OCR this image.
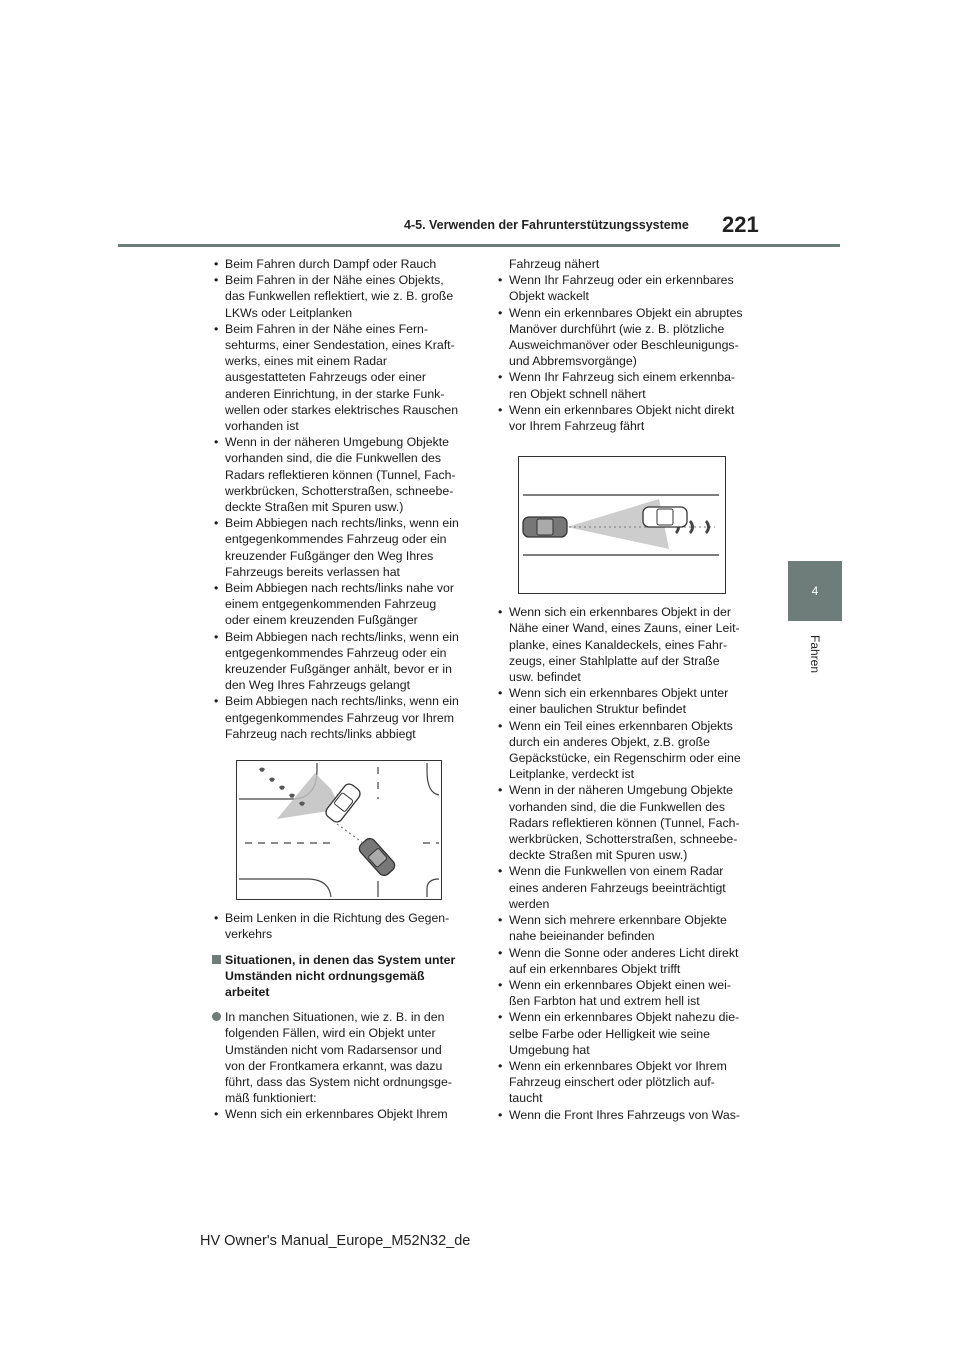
4-5. Verwenden der Fahrunterstützungssysteme 221
4
Fahren
• Beim Fahren durch Dampf oder Rauch
• Beim Fahren in der Nähe eines Objekts,
das Funkwellen reflektiert, wie z. B. große
LKWs oder Leitplanken
• Beim Fahren in der Nähe eines Fern-
sehturms, einer Sendestation, eines Kraft-
werks, eines mit einem Radar
ausgestatteten Fahrzeugs oder einer
anderen Einrichtung, in der starke Funk-
wellen oder starkes elektrisches Rauschen
vorhanden ist
• Wenn in der näheren Umgebung Objekte
vorhanden sind, die die Funkwellen des
Radars reflektieren können (Tunnel, Fach-
werkbrücken, Schotterstraßen, schneebe-
deckte Straßen mit Spuren usw.)
• Beim Abbiegen nach rechts/links, wenn ein
entgegenkommendes Fahrzeug oder ein
kreuzender Fußgänger den Weg Ihres
Fahrzeugs bereits verlassen hat
• Beim Abbiegen nach rechts/links nahe vor
einem entgegenkommenden Fahrzeug
oder einem kreuzenden Fußgänger
• Beim Abbiegen nach rechts/links, wenn ein
entgegenkommendes Fahrzeug oder ein
kreuzender Fußgänger anhält, bevor er in
den Weg Ihres Fahrzeugs gelangt
• Beim Abbiegen nach rechts/links, wenn ein
entgegenkommendes Fahrzeug vor Ihrem
Fahrzeug nach rechts/links abbiegt
• Beim Lenken in die Richtung des Gegen-
verkehrs
Situationen, in denen das System unter
Umständen nicht ordnungsgemäß
arbeitet
In manchen Situationen, wie z. B. in den
folgenden Fällen, wird ein Objekt unter
Umständen nicht vom Radarsensor und
von der Frontkamera erkannt, was dazu
führt, dass das System nicht ordnungsge-
mäß funktioniert:
• Wenn sich ein erkennbares Objekt Ihrem
Fahrzeug nähert
• Wenn Ihr Fahrzeug oder ein erkennbares
Objekt wackelt
• Wenn ein erkennbares Objekt ein abruptes
Manöver durchführt (wie z. B. plötzliche
Ausweichmanöver oder Beschleunigungs-
und Abbremsvorgänge)
• Wenn Ihr Fahrzeug sich einem erkennba-
ren Objekt schnell nähert
• Wenn ein erkennbares Objekt nicht direkt
vor Ihrem Fahrzeug fährt
• Wenn sich ein erkennbares Objekt in der
Nähe einer Wand, eines Zauns, einer Leit-
planke, eines Kanaldeckels, eines Fahr-
zeugs, einer Stahlplatte auf der Straße
usw. befindet
• Wenn sich ein erkennbares Objekt unter
einer baulichen Struktur befindet
• Wenn ein Teil eines erkennbaren Objekts
durch ein anderes Objekt, z.B. große
Gepäckstücke, ein Regenschirm oder eine
Leitplanke, verdeckt ist
• Wenn in der näheren Umgebung Objekte
vorhanden sind, die die Funkwellen des
Radars reflektieren können (Tunnel, Fach-
werkbrücken, Schotterstraßen, schneebe-
deckte Straßen mit Spuren usw.)
• Wenn die Funkwellen von einem Radar
eines anderen Fahrzeugs beeinträchtigt
werden
• Wenn sich mehrere erkennbare Objekte
nahe beieinander befinden
• Wenn die Sonne oder anderes Licht direkt
auf ein erkennbares Objekt trifft
• Wenn ein erkennbares Objekt einen wei-
ßen Farbton hat und extrem hell ist
• Wenn ein erkennbares Objekt nahezu die-
selbe Farbe oder Helligkeit wie seine
Umgebung hat
• Wenn ein erkennbares Objekt vor Ihrem
Fahrzeug einschert oder plötzlich auf-
taucht
• Wenn die Front Ihres Fahrzeugs von Was-
HV Owner's Manual_Europe_M52N32_de
